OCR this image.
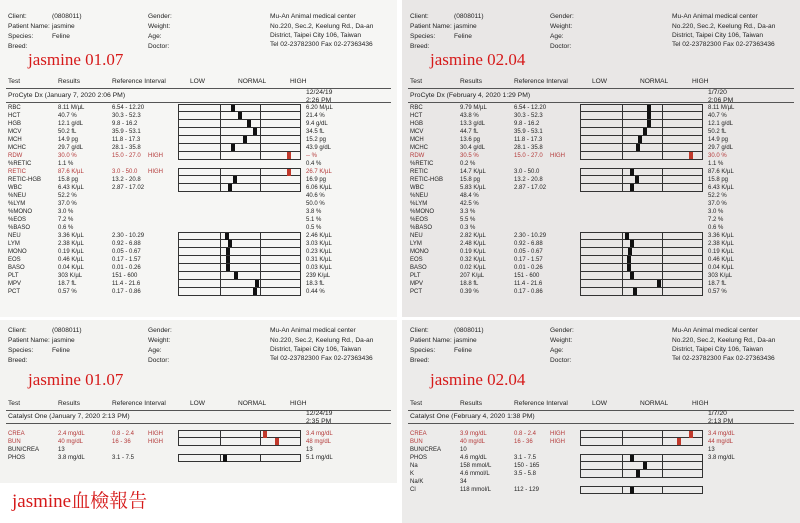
Client:	(0808011)
Patient Name: jasmine
Species:	Feline
Breed:
Gender:
Weight:
Age:
Doctor:
Mu-An Animal medical center
No.220, Sec.2, Keelung Rd., Da-an District, Taipei City 106, Taiwan
Tel 02-23782300 Fax 02-27363436
jasmine 01.07
Test	Results	Reference Interval	LOW	NORMAL	HIGH
ProCyte Dx (January 7, 2020 2:06 PM)	12/24/19
2:26 PM
RBC	8.11 M/µL	6.54 - 12.20	6.20 M/µL
HCT	40.7 %	30.3 - 52.3	21.4 %
HGB	12.1 g/dL	9.8 - 16.2	9.4 g/dL
MCV	50.2 fL	35.9 - 53.1	34.5 fL
MCH	14.9 pg	11.8 - 17.3	15.2 pg
MCHC	29.7 g/dL	28.1 - 35.8	43.9 g/dL
RDW	30.0 %	15.0 - 27.0 HIGH	-- %
%RETIC	1.1 %	0.4 %
RETIC	87.6 K/µL	3.0 - 50.0 HIGH	26.7 K/µL
RETIC-HGB	15.8 pg	13.2 - 20.8	16.9 pg
WBC	6.43 K/µL	2.87 - 17.02	6.06 K/µL
%NEU	52.2 %	40.6 %
%LYM	37.0 %	50.0 %
%MONO	3.0 %	3.8 %
%EOS	7.2 %	5.1 %
%BASO	0.6 %	0.5 %
NEU	3.36 K/µL	2.30 - 10.29	2.46 K/µL
LYM	2.38 K/µL	0.92 - 6.88	3.03 K/µL
MONO	0.19 K/µL	0.05 - 0.67	0.23 K/µL
EOS	0.46 K/µL	0.17 - 1.57	0.31 K/µL
BASO	0.04 K/µL	0.01 - 0.26	0.03 K/µL
PLT	303 K/µL	151 - 600	239 K/µL
MPV	18.7 fL	11.4 - 21.6	18.3 fL
PCT	0.57 %	0.17 - 0.86	0.44 %
Client:	(0808011)
Patient Name: jasmine
Species:	Feline
Breed:
Gender:
Weight:
Age:
Doctor:
Mu-An Animal medical center
No.220, Sec.2, Keelung Rd., Da-an District, Taipei City 106, Taiwan
Tel 02-23782300 Fax 02-27363436
jasmine 02.04
Test	Results	Reference Interval	LOW	NORMAL	HIGH
ProCyte Dx (February 4, 2020 1:29 PM)	1/7/20
2:06 PM
RBC	9.79 M/µL	6.54 - 12.20	8.11 M/µL
HCT	43.8 %	30.3 - 52.3	40.7 %
HGB	13.3 g/dL	9.8 - 16.2	12.1 g/dL
MCV	44.7 fL	35.9 - 53.1	50.2 fL
MCH	13.6 pg	11.8 - 17.3	14.9 pg
MCHC	30.4 g/dL	28.1 - 35.8	29.7 g/dL
RDW	30.5 %	15.0 - 27.0 HIGH	30.0 %
%RETIC	0.2 %	1.1 %
RETIC	14.7 K/µL	3.0 - 50.0	87.6 K/µL
RETIC-HGB	15.8 pg	13.2 - 20.8	15.8 pg
WBC	5.83 K/µL	2.87 - 17.02	6.43 K/µL
%NEU	48.4 %	52.2 %
%LYM	42.5 %	37.0 %
%MONO	3.3 %	3.0 %
%EOS	5.5 %	7.2 %
%BASO	0.3 %	0.6 %
NEU	2.82 K/µL	2.30 - 10.29	3.36 K/µL
LYM	2.48 K/µL	0.92 - 6.88	2.38 K/µL
MONO	0.19 K/µL	0.05 - 0.67	0.19 K/µL
EOS	0.32 K/µL	0.17 - 1.57	0.46 K/µL
BASO	0.02 K/µL	0.01 - 0.26	0.04 K/µL
PLT	207 K/µL	151 - 600	303 K/µL
MPV	18.8 fL	11.4 - 21.6	18.7 fL
PCT	0.39 %	0.17 - 0.86	0.57 %
Client:	(0808011)
Patient Name: jasmine
Species:	Feline
Breed:
Gender:
Weight:
Age:
Doctor:
Mu-An Animal medical center
No.220, Sec.2, Keelung Rd., Da-an District, Taipei City 106, Taiwan
Tel 02-23782300 Fax 02-27363436
jasmine 01.07
Test	Results	Reference Interval	LOW	NORMAL	HIGH
Catalyst One (January 7, 2020 2:13 PM)	12/24/19
2:35 PM
CREA	2.4 mg/dL	0.8 - 2.4 HIGH	3.4 mg/dL
BUN	40 mg/dL	16 - 36	HIGH	48 mg/dL
BUN/CREA	13	13
PHOS	3.8 mg/dL	3.1 - 7.5	5.1 mg/dL
Client:	(0808011)
Patient Name: jasmine
Species:	Feline
Breed:
Gender:
Weight:
Age:
Doctor:
Mu-An Animal medical center
No.220, Sec.2, Keelung Rd., Da-an District, Taipei City 106, Taiwan
Tel 02-23782300 Fax 02-27363436
jasmine 02.04
Test	Results	Reference Interval	LOW	NORMAL	HIGH
Catalyst One (February 4, 2020 1:38 PM)	1/7/20
2:13 PM
CREA	3.9 mg/dL	0.8 - 2.4 HIGH	3.4 mg/dL
BUN	40 mg/dL	16 - 36	HIGH	44 mg/dL
BUN/CREA	10	13
PHOS	4.6 mg/dL	3.1 - 7.5	3.8 mg/dL
Na	158 mmol/L	150 - 165
K	4.6 mmol/L	3.5 - 5.8
Na/K	34
Cl	118 mmol/L	112 - 129
jasmine血檢報告
